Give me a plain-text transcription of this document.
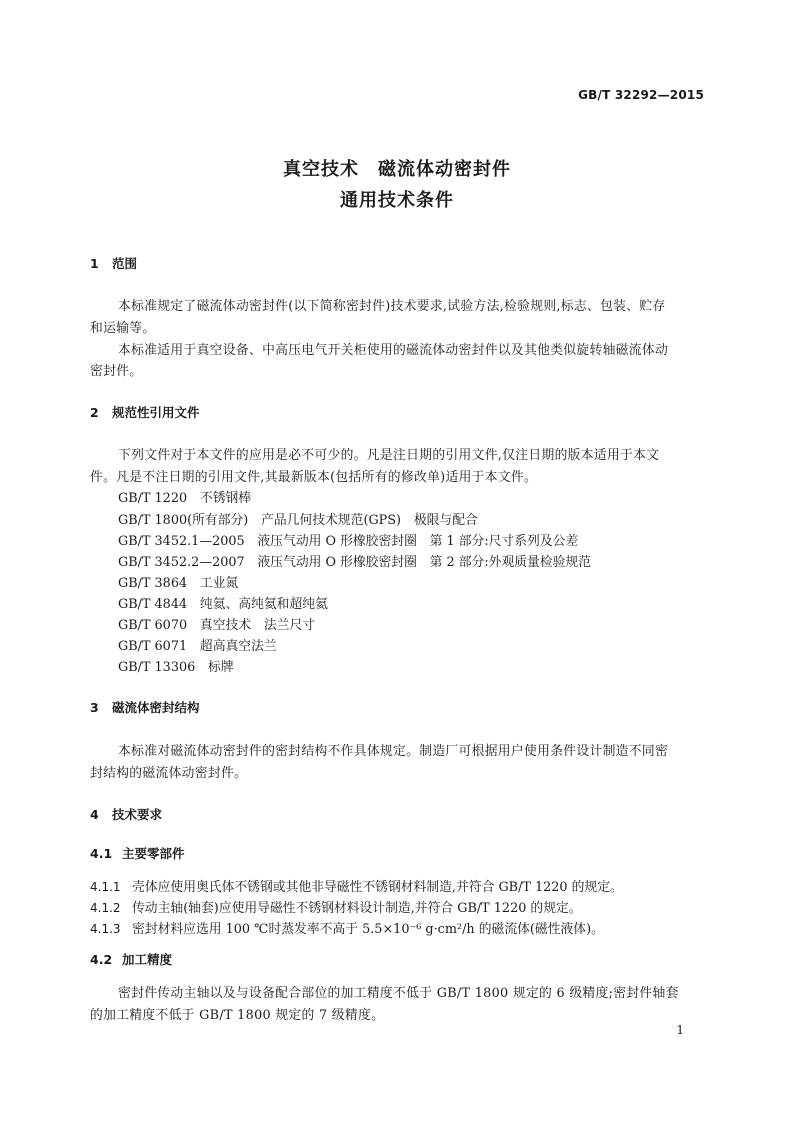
GB/T 32292—2015
真空技术　磁流体动密封件
通用技术条件
1 范围
本标准规定了磁流体动密封件(以下简称密封件)技术要求,试验方法,检验规则,标志、包装、贮存
和运输等。
本标准适用于真空设备、中高压电气开关柜使用的磁流体动密封件以及其他类似旋转轴磁流体动
密封件。
2 规范性引用文件
下列文件对于本文件的应用是必不可少的。凡是注日期的引用文件,仅注日期的版本适用于本文
件。凡是不注日期的引用文件,其最新版本(包括所有的修改单)适用于本文件。
GB/T 1220　不锈钢棒
GB/T 1800(所有部分)　产品几何技术规范(GPS)　极限与配合
GB/T 3452.1—2005　液压气动用 O 形橡胶密封圈　第 1 部分:尺寸系列及公差
GB/T 3452.2—2007　液压气动用 O 形橡胶密封圈　第 2 部分:外观质量检验规范
GB/T 3864　工业氮
GB/T 4844　纯氦、高纯氦和超纯氦
GB/T 6070　真空技术　法兰尺寸
GB/T 6071　超高真空法兰
GB/T 13306　标牌
3 磁流体密封结构
本标准对磁流体动密封件的密封结构不作具体规定。制造厂可根据用户使用条件设计制造不同密
封结构的磁流体动密封件。
4 技术要求
4.1 主要零部件
4.1.1 壳体应使用奥氏体不锈钢或其他非导磁性不锈钢材料制造,并符合 GB/T 1220 的规定。
4.1.2 传动主轴(轴套)应使用导磁性不锈钢材料设计制造,并符合 GB/T 1220 的规定。
4.1.3 密封材料应选用 100 ℃时蒸发率不高于 5.5×10⁻⁶ g·cm²/h 的磁流体(磁性液体)。
4.2 加工精度
密封件传动主轴以及与设备配合部位的加工精度不低于 GB/T 1800 规定的 6 级精度;密封件轴套
的加工精度不低于 GB/T 1800 规定的 7 级精度。
1
